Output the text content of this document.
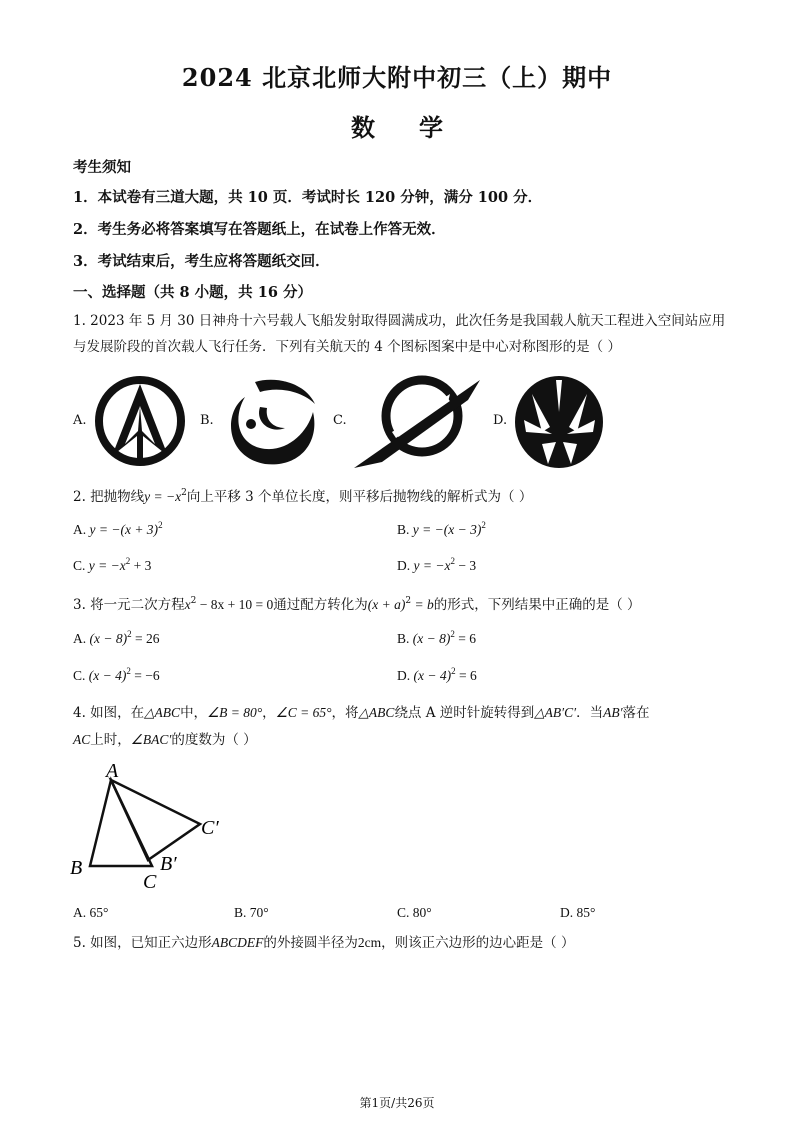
2024 北京北师大附中初三（上）期中
数 学
考生须知
1．本试卷有三道大题，共 10 页．考试时长 120 分钟，满分 100 分．
2．考生务必将答案填写在答题纸上，在试卷上作答无效．
3．考试结束后，考生应将答题纸交回．
一、选择题（共 8 小题，共 16 分）
1. 2023 年 5 月 30 日神舟十六号载人飞船发射取得圆满成功，此次任务是我国载人航天工程进入空间站应用
与发展阶段的首次载人飞行任务．下列有关航天的 4 个图标图案中是中心对称图形的是（ ）
A.	B.	C.	D.
2. 把抛物线$y = -x^2$向上平移 3 个单位长度，则平移后抛物线的解析式为（ ）
A. $y = -(x + 3)^2$	B. $y = -(x - 3)^2$
C. $y = -x^2 + 3$	D. $y = -x^2 - 3$
3. 将一元二次方程$x^2 - 8x + 10 = 0$通过配方转化为$(x + a)^2 = b$的形式，下列结果中正确的是（ ）
A. $(x - 8)^2 = 26$	B. $(x - 8)^2 = 6$
C. $(x - 4)^2 = -6$	D. $(x - 4)^2 = 6$
4. 如图，在△ABC中，∠B = 80°，∠C = 65°，将△ABC绕点 A 逆时针旋转得到△AB′C′．当AB′落在
AC上时，∠BAC′的度数为（ ）
A
B
C
B′
C′
A. 65°	B. 70°	C. 80°	D. 85°
5. 如图，已知正六边形ABCDEF的外接圆半径为2cm，则该正六边形的边心距是（ ）
第1页/共26页
